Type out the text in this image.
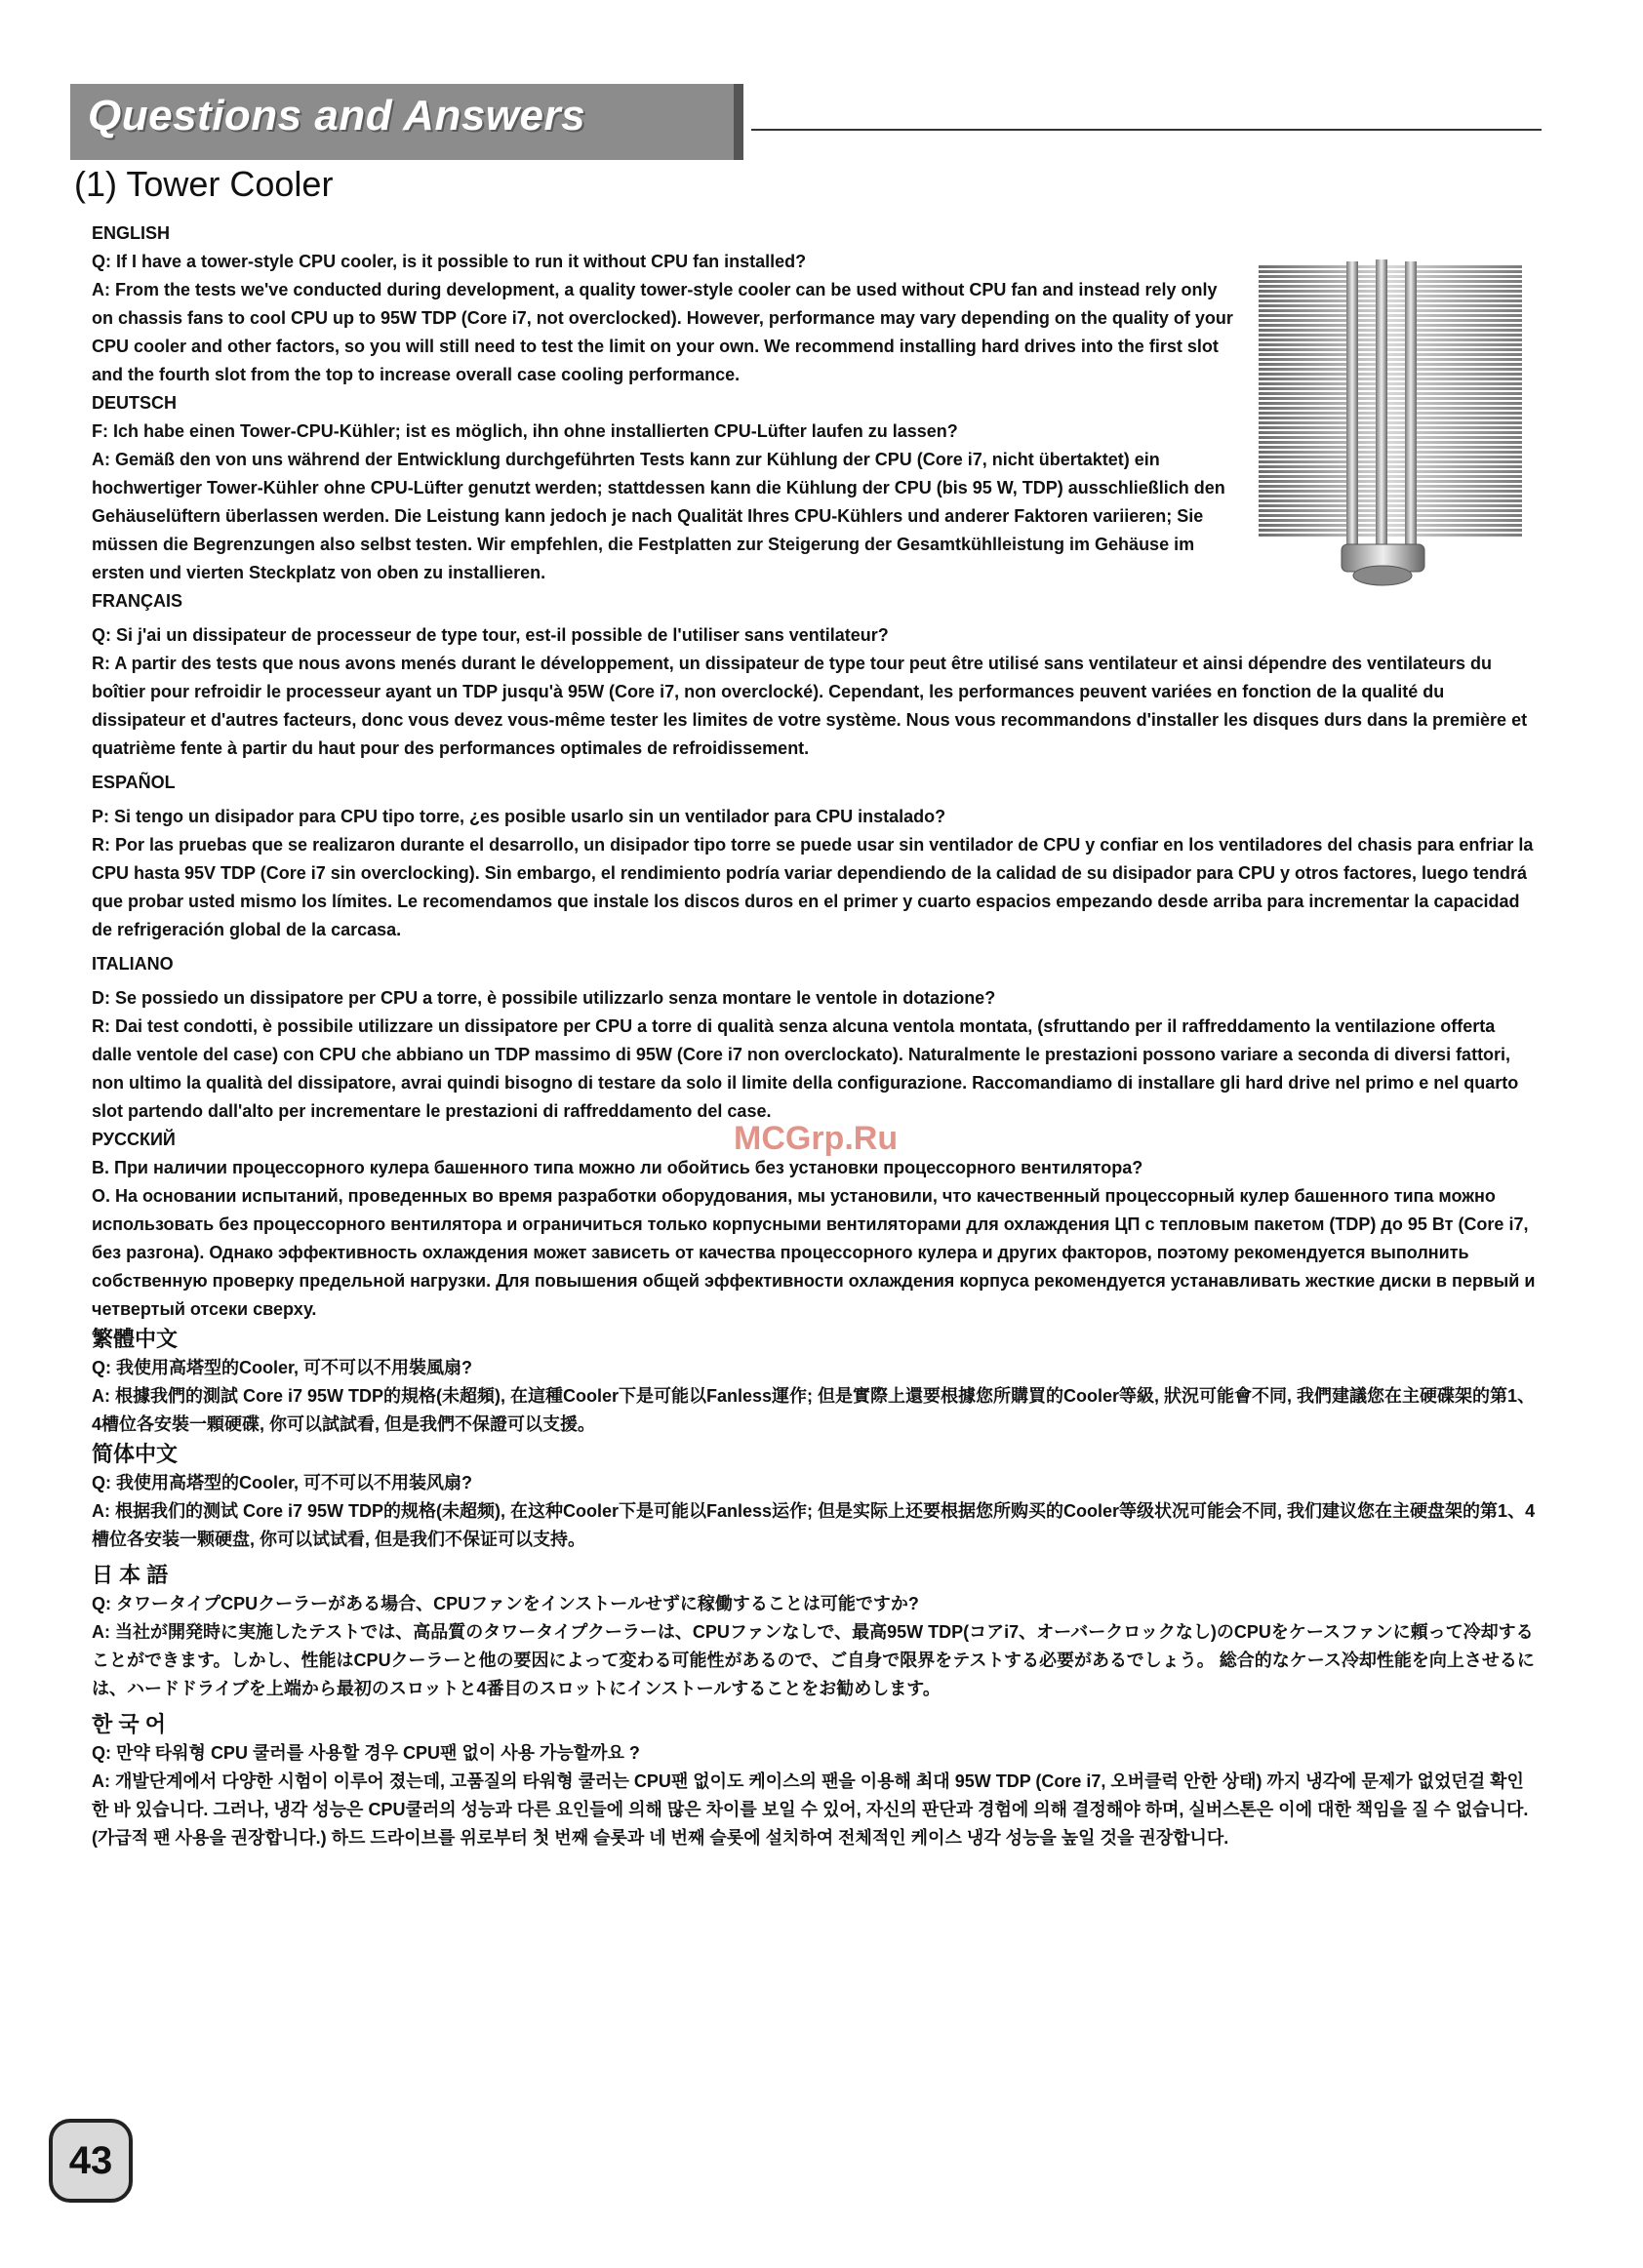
Questions and Answers
(1) Tower Cooler
MCGrp.Ru
ENGLISH

Q: If I have a tower-style CPU cooler, is it possible to run it without CPU fan installed?

A: From the tests we've conducted during development, a quality tower-style cooler can be used without CPU fan and instead rely only on chassis fans to cool CPU up to 95W TDP (Core i7, not overclocked). However, performance may vary depending on the quality of your CPU cooler and other factors, so you will still need to test the limit on your own. We recommend installing hard drives into the first slot and the fourth slot from the top to increase overall case cooling performance.

DEUTSCH

F: Ich habe einen Tower-CPU-Kühler; ist es möglich, ihn ohne installierten CPU-Lüfter laufen zu lassen?

A: Gemäß den von uns während der Entwicklung durchgeführten Tests kann zur Kühlung der CPU (Core i7, nicht übertaktet) ein hochwertiger Tower-Kühler ohne CPU-Lüfter genutzt werden; stattdessen kann die Kühlung der CPU (bis 95 W, TDP) ausschließlich den Gehäuselüftern überlassen werden. Die Leistung kann jedoch je nach Qualität Ihres CPU-Kühlers und anderer Faktoren variieren; Sie müssen die Begrenzungen also selbst testen. Wir empfehlen, die Festplatten zur Steigerung der Gesamtkühlleistung im Gehäuse im ersten und vierten Steckplatz von oben zu installieren.

FRANÇAIS

Q: Si j'ai un dissipateur de processeur de type tour, est-il possible de l'utiliser sans ventilateur?

R: A partir des tests que nous avons menés durant le développement, un dissipateur de type tour peut être utilisé sans ventilateur et ainsi dépendre des ventilateurs du boîtier pour refroidir le processeur ayant un TDP jusqu'à 95W (Core i7, non overclocké). Cependant, les performances peuvent variées en fonction de la qualité du dissipateur et d'autres facteurs, donc vous devez vous-même tester les limites de votre système. Nous vous recommandons d'installer les disques durs dans la première et quatrième fente à partir du haut pour des performances optimales de refroidissement.

ESPAÑOL

P: Si tengo un disipador para CPU tipo torre, ¿es posible usarlo sin un ventilador para CPU instalado?

R: Por las pruebas que se realizaron durante el desarrollo, un disipador tipo torre se puede usar sin ventilador de CPU y confiar en los ventiladores del chasis para enfriar la CPU hasta 95V TDP (Core i7 sin overclocking). Sin embargo, el rendimiento podría variar dependiendo de la calidad de su disipador para CPU y otros factores, luego tendrá que probar usted mismo los límites. Le recomendamos que instale los discos duros en el primer y cuarto espacios empezando desde arriba para incrementar la capacidad de refrigeración global de la carcasa.

ITALIANO

D: Se possiedo un dissipatore per CPU a torre, è possibile utilizzarlo senza montare le ventole in dotazione?

R: Dai test condotti, è possibile utilizzare un dissipatore per CPU a torre di qualità senza alcuna ventola montata, (sfruttando per il raffreddamento la ventilazione offerta dalle ventole del case) con CPU che abbiano un TDP massimo di 95W (Core i7 non overclockato). Naturalmente le prestazioni possono variare a seconda di diversi fattori, non ultimo la qualità del dissipatore, avrai quindi bisogno di testare da solo il limite della configurazione. Raccomandiamo di installare gli hard drive nel primo e nel quarto slot partendo dall'alto per incrementare le prestazioni di raffreddamento del case.

РУССКИЙ

В. При наличии процессорного кулера башенного типа можно ли обойтись без установки процессорного вентилятора?

О. На основании испытаний, проведенных во время разработки оборудования, мы установили, что качественный процессорный кулер башенного типа можно использовать без процессорного вентилятора и ограничиться только корпусными вентиляторами для охлаждения ЦП с тепловым пакетом (TDP) до 95 Вт (Core i7, без разгона). Однако эффективность охлаждения может зависеть от качества процессорного кулера и других факторов, поэтому рекомендуется выполнить собственную проверку предельной нагрузки. Для повышения общей эффективности охлаждения корпуса рекомендуется устанавливать жесткие диски в первый и четвертый отсеки сверху.

繁體中文

Q: 我使用高塔型的Cooler, 可不可以不用裝風扇?

A: 根據我們的測試 Core i7 95W TDP的規格(未超頻), 在這種Cooler下是可能以Fanless運作; 但是實際上還要根據您所購買的Cooler等級, 狀況可能會不同, 我們建議您在主硬碟架的第1、4槽位各安裝一顆硬碟, 你可以試試看, 但是我們不保證可以支援。

简体中文

Q: 我使用高塔型的Cooler, 可不可以不用装风扇?

A: 根据我们的测试 Core i7 95W TDP的规格(未超频), 在这种Cooler下是可能以Fanless运作; 但是实际上还要根据您所购买的Cooler等级状况可能会不同, 我们建议您在主硬盘架的第1、4槽位各安装一颗硬盘, 你可以试试看, 但是我们不保证可以支持。

日 本 語

Q: タワータイプCPUクーラーがある場合、CPUファンをインストールせずに稼働することは可能ですか?

A: 当社が開発時に実施したテストでは、高品質のタワータイプクーラーは、CPUファンなしで、最高95W TDP(コアi7、オーバークロックなし)のCPUをケースファンに頼って冷却することができます。しかし、性能はCPUクーラーと他の要因によって変わる可能性があるので、ご自身で限界をテストする必要があるでしょう。 総合的なケース冷却性能を向上させるには、ハードドライブを上端から最初のスロットと4番目のスロットにインストールすることをお勧めします。

한 국 어

Q: 만약 타워형 CPU 쿨러를 사용할 경우 CPU팬 없이 사용 가능할까요 ?

A: 개발단계에서 다양한 시험이 이루어 졌는데, 고품질의 타워형 쿨러는 CPU팬 없이도 케이스의 팬을 이용해 최대 95W TDP (Core i7, 오버클럭 안한 상태) 까지 냉각에 문제가 없었던걸 확인한 바 있습니다. 그러나, 냉각 성능은 CPU쿨러의 성능과 다른 요인들에 의해 많은 차이를 보일 수 있어, 자신의 판단과 경험에 의해 결정해야 하며, 실버스톤은 이에 대한 책임을 질 수 없습니다. (가급적 팬 사용을 권장합니다.) 하드 드라이브를 위로부터 첫 번째 슬롯과 네 번째 슬롯에 설치하여 전체적인 케이스 냉각 성능을 높일 것을 권장합니다.

43
